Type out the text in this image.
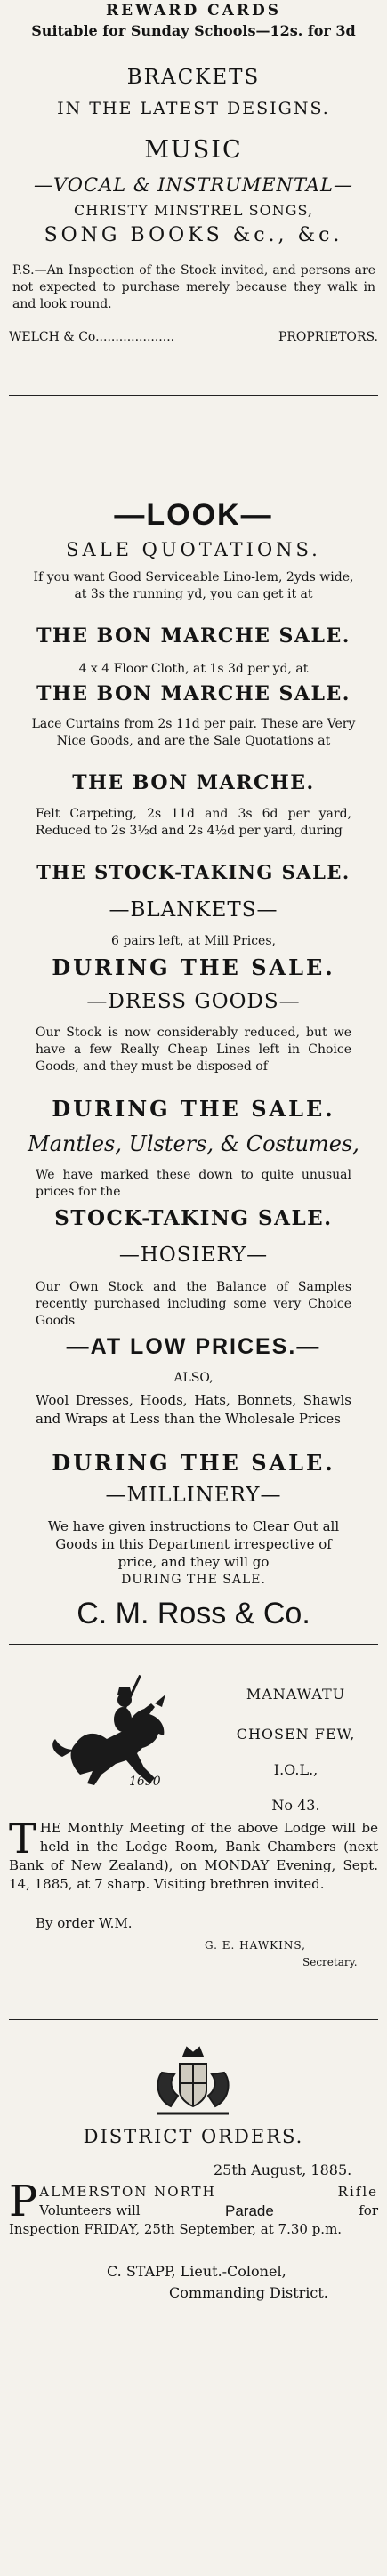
REWARD CARDS
Suitable for Sunday Schools—12s. for 3d
BRACKETS
IN THE LATEST DESIGNS.
MUSIC
—VOCAL & INSTRUMENTAL—
CHRISTY MINSTREL SONGS,
SONG BOOKS &c., &c.
P.S.—An Inspection of the Stock invited, and persons are not expected to purchase merely because they walk in and look round.
WELCH & Co. ...................	PROPRIETORS.
—LOOK—
SALE QUOTATIONS.
If you want Good Serviceable Lino-lem, 2yds wide, at 3s the running yd, you can get it at
THE BON MARCHE SALE.
4 x 4 Floor Cloth, at 1s 3d per yd, at
THE BON MARCHE SALE.
Lace Curtains from 2s 11d per pair. These are Very Nice Goods, and are the Sale Quotations at
THE BON MARCHE.
Felt Carpeting, 2s 11d and 3s 6d per yard, Reduced to 2s 3½d and 2s 4½d per yard, during
THE STOCK-TAKING SALE.
—BLANKETS—
6 pairs left, at Mill Prices,
DURING THE SALE.
—DRESS GOODS—
Our Stock is now considerably reduced, but we have a few Really Cheap Lines left in Choice Goods, and they must be disposed of
DURING THE SALE.
Mantles, Ulsters, & Costumes,
We have marked these down to quite unusual prices for the
STOCK-TAKING SALE.
—HOSIERY—
Our Own Stock and the Balance of Samples recently purchased including some very Choice Goods
—AT LOW PRICES.—
ALSO,
Wool Dresses, Hoods, Hats, Bonnets, Shawls and Wraps at Less than the Wholesale Prices
DURING THE SALE.
—MILLINERY—
We have given instructions to Clear Out all Goods in this Department irrespective of price, and they will go
DURING THE SALE.
C. M. Ross & Co.
1690
MANAWATU
CHOSEN FEW,
I.O.L.,
No 43.
T HE Monthly Meeting of the above Lodge will be held in the Lodge Room, Bank Chambers (next Bank of New Zealand), on MONDAY Evening, Sept. 14, 1885, at 7 sharp. Visiting brethren invited.
By order W.M.
G. E. HAWKINS,
Secretary.
DISTRICT ORDERS.
25th August, 1885.
P ALMERSTON NORTH	Rifle
Volunteers will	Parade	for
Inspection FRIDAY, 25th September, at 7.30 p.m.
C. STAPP, Lieut.-Colonel,
Commanding District.
